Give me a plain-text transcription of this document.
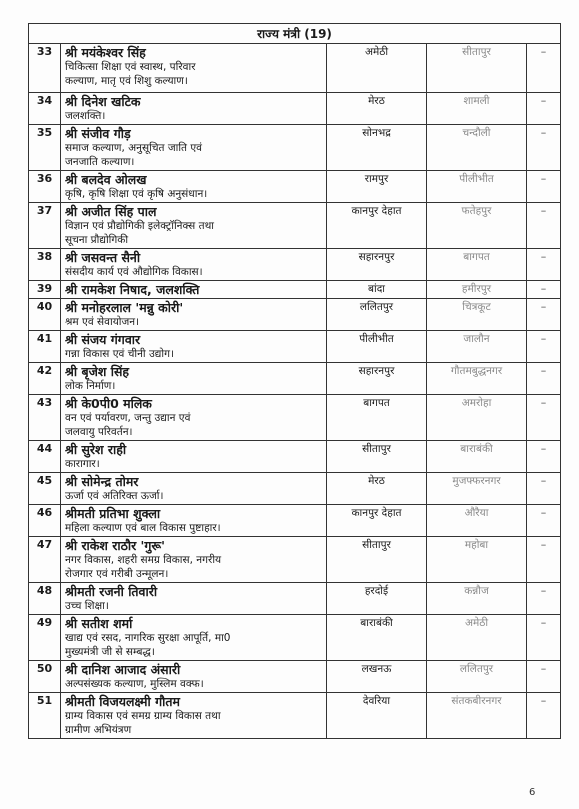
राज्य मंत्री (19)				
33	श्री मयंकेश्वर सिंह
चिकित्सा शिक्षा एवं स्वास्थ, परिवार
कल्याण, मातृ एवं शिशु कल्याण।	अमेठी	सीतापुर	–
34	श्री दिनेश खटिक
जलशक्ति।	मेरठ	शामली	–
35	श्री संजीव गौड़
समाज कल्याण, अनुसूचित जाति एवं
जनजाति कल्याण।	सोनभद्र	चन्दौली	–
36	श्री बलदेव ओलख
कृषि, कृषि शिक्षा एवं कृषि अनुसंधान।	रामपुर	पीलीभीत	–
37	श्री अजीत सिंह पाल
विज्ञान एवं प्रौद्योगिकी इलेक्ट्रॉनिक्स तथा
सूचना प्रौद्योगिकी	कानपुर देहात	फतेहपुर	–
38	श्री जसवन्त सैनी
संसदीय कार्य एवं औद्योगिक विकास।	सहारनपुर	बागपत	–
39	श्री रामकेश निषाद, जलशक्ति	बांदा	हमीरपुर	–
40	श्री मनोहरलाल 'मन्नु कोरी'
श्रम एवं सेवायोजन।	ललितपुर	चित्रकूट	–
41	श्री संजय गंगवार
गन्ना विकास एवं चीनी उद्योग।	पीलीभीत	जालौन	–
42	श्री बृजेश सिंह
लोक निर्माण।	सहारनपुर	गौतमबुद्धनगर	–
43	श्री के0पी0 मलिक
वन एवं पर्यावरण, जन्तु उद्यान एवं
जलवायु परिवर्तन।	बागपत	अमरोहा	–
44	श्री सुरेश राही
कारागार।	सीतापुर	बाराबंकी	–
45	श्री सोमेन्द्र तोमर
ऊर्जा एवं अतिरिक्त ऊर्जा।	मेरठ	मुजफ्फरनगर	–
46	श्रीमती प्रतिभा शुक्ला
महिला कल्याण एवं बाल विकास पुष्टाहार।	कानपुर देहात	औरैया	–
47	श्री राकेश राठौर 'गुरू'
नगर विकास, शहरी समग्र विकास, नगरीय
रोजगार एवं गरीबी उन्मूलन।	सीतापुर	महोबा	–
48	श्रीमती रजनी तिवारी
उच्च शिक्षा।	हरदोई	कन्नौज	–
49	श्री सतीश शर्मा
खाद्य एवं रसद, नागरिक सुरक्षा आपूर्ति, मा0
मुख्यमंत्री जी से सम्बद्ध।	बाराबंकी	अमेठी	–
50	श्री दानिश आजाद अंसारी
अल्पसंख्यक कल्याण, मुस्लिम वक्फ।	लखनऊ	ललितपुर	–
51	श्रीमती विजयलक्ष्मी गौतम
ग्राम्य विकास एवं समग्र ग्राम्य विकास तथा
ग्रामीण अभियंत्रण	देवरिया	संतकबीरनगर	–
6
